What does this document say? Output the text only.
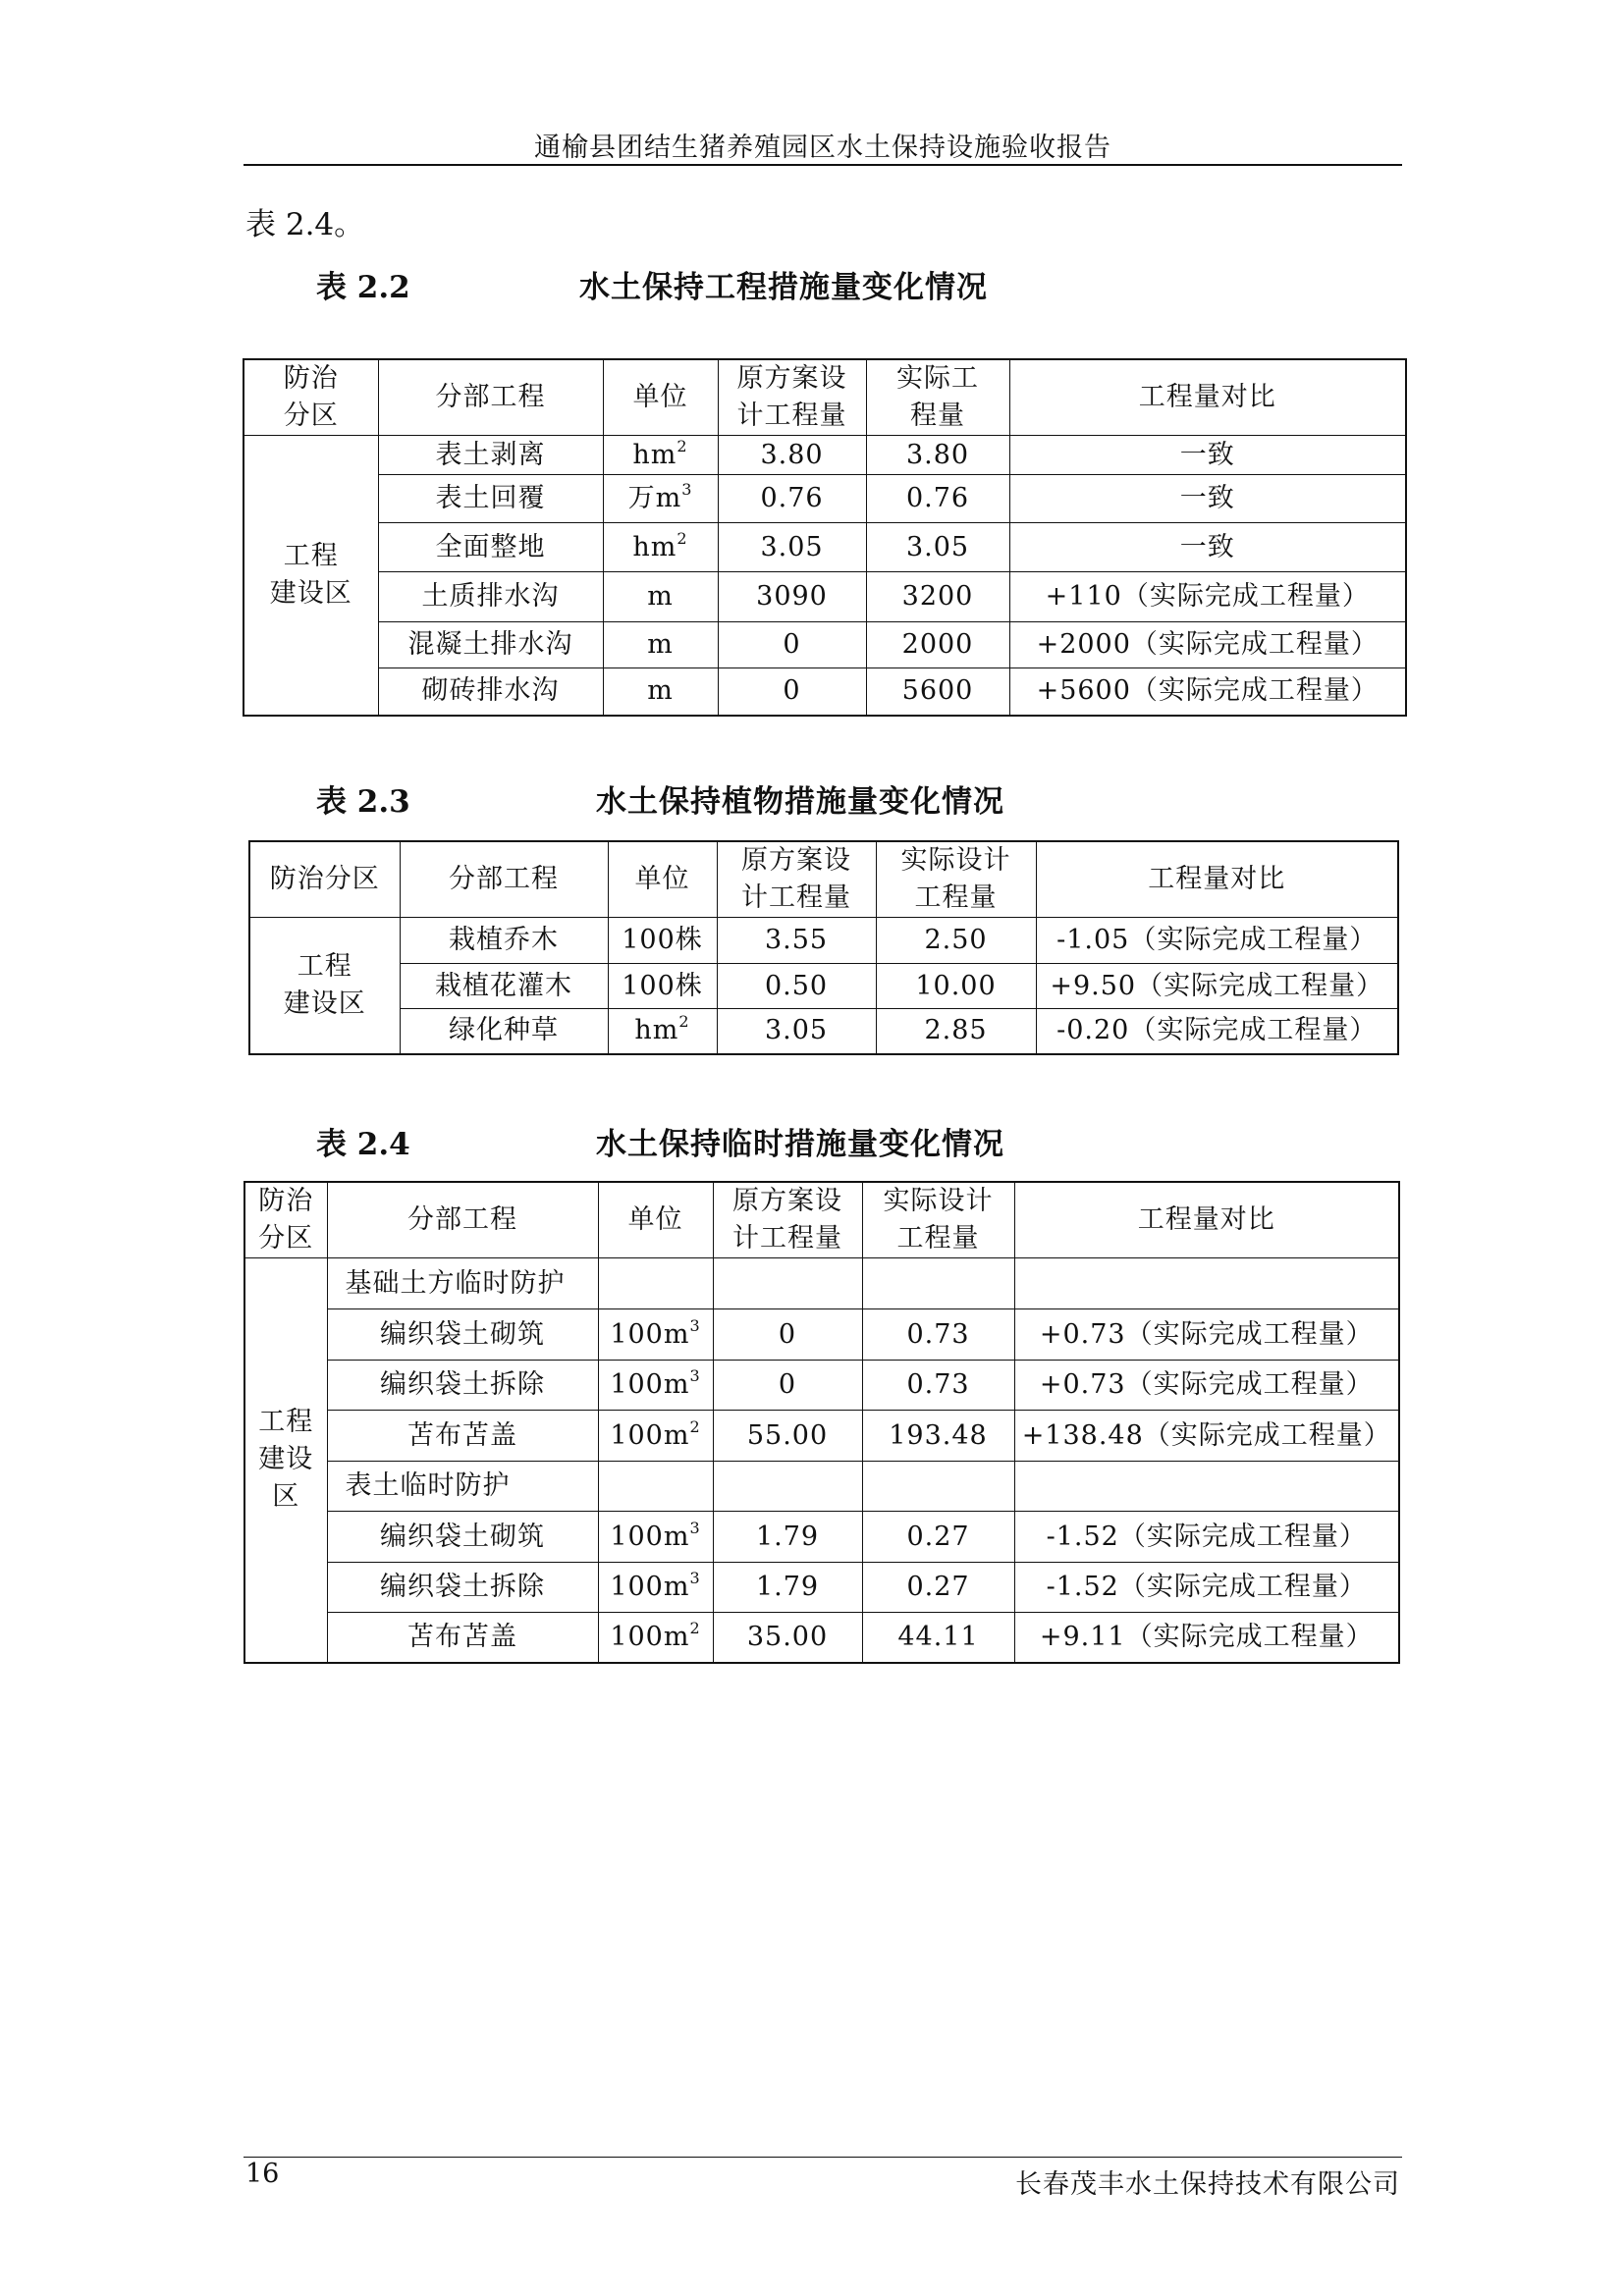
通榆县团结生猪养殖园区水土保持设施验收报告
表 2.4。
表 2.2	水土保持工程措施量变化情况
防治
分区	分部工程	单位	原方案设
计工程量	实际工
程量	工程量对比
工程
建设区	表土剥离	$hm^2$	3.80	3.80	一致
	表土回覆	万$m^3$	0.76	0.76	一致
	全面整地	$hm^2$	3.05	3.05	一致
	土质排水沟	m	3090	3200	+110（实际完成工程量）
	混凝土排水沟	m	0	2000	+2000（实际完成工程量）
	砌砖排水沟	m	0	5600	+5600（实际完成工程量）
表 2.3	水土保持植物措施量变化情况
防治分区	分部工程	单位	原方案设
计工程量	实际设计
工程量	工程量对比
工程
建设区	栽植乔木	100株	3.55	2.50	-1.05（实际完成工程量）
	栽植花灌木	100株	0.50	10.00	+9.50（实际完成工程量）
	绿化种草	$hm^2$	3.05	2.85	-0.20（实际完成工程量）
表 2.4	水土保持临时措施量变化情况
防治
分区	分部工程	单位	原方案设
计工程量	实际设计
工程量	工程量对比
工程
建设
区	基础土方临时防护				
	编织袋土砌筑	$100m^3$	0	0.73	+0.73（实际完成工程量）
	编织袋土拆除	$100m^3$	0	0.73	+0.73（实际完成工程量）
	苫布苫盖	$100m^2$	55.00	193.48	+138.48（实际完成工程量）
	表土临时防护				
	编织袋土砌筑	$100m^3$	1.79	0.27	-1.52（实际完成工程量）
	编织袋土拆除	$100m^3$	1.79	0.27	-1.52（实际完成工程量）
	苫布苫盖	$100m^2$	35.00	44.11	+9.11（实际完成工程量）
16	长春茂丰水土保持技术有限公司
